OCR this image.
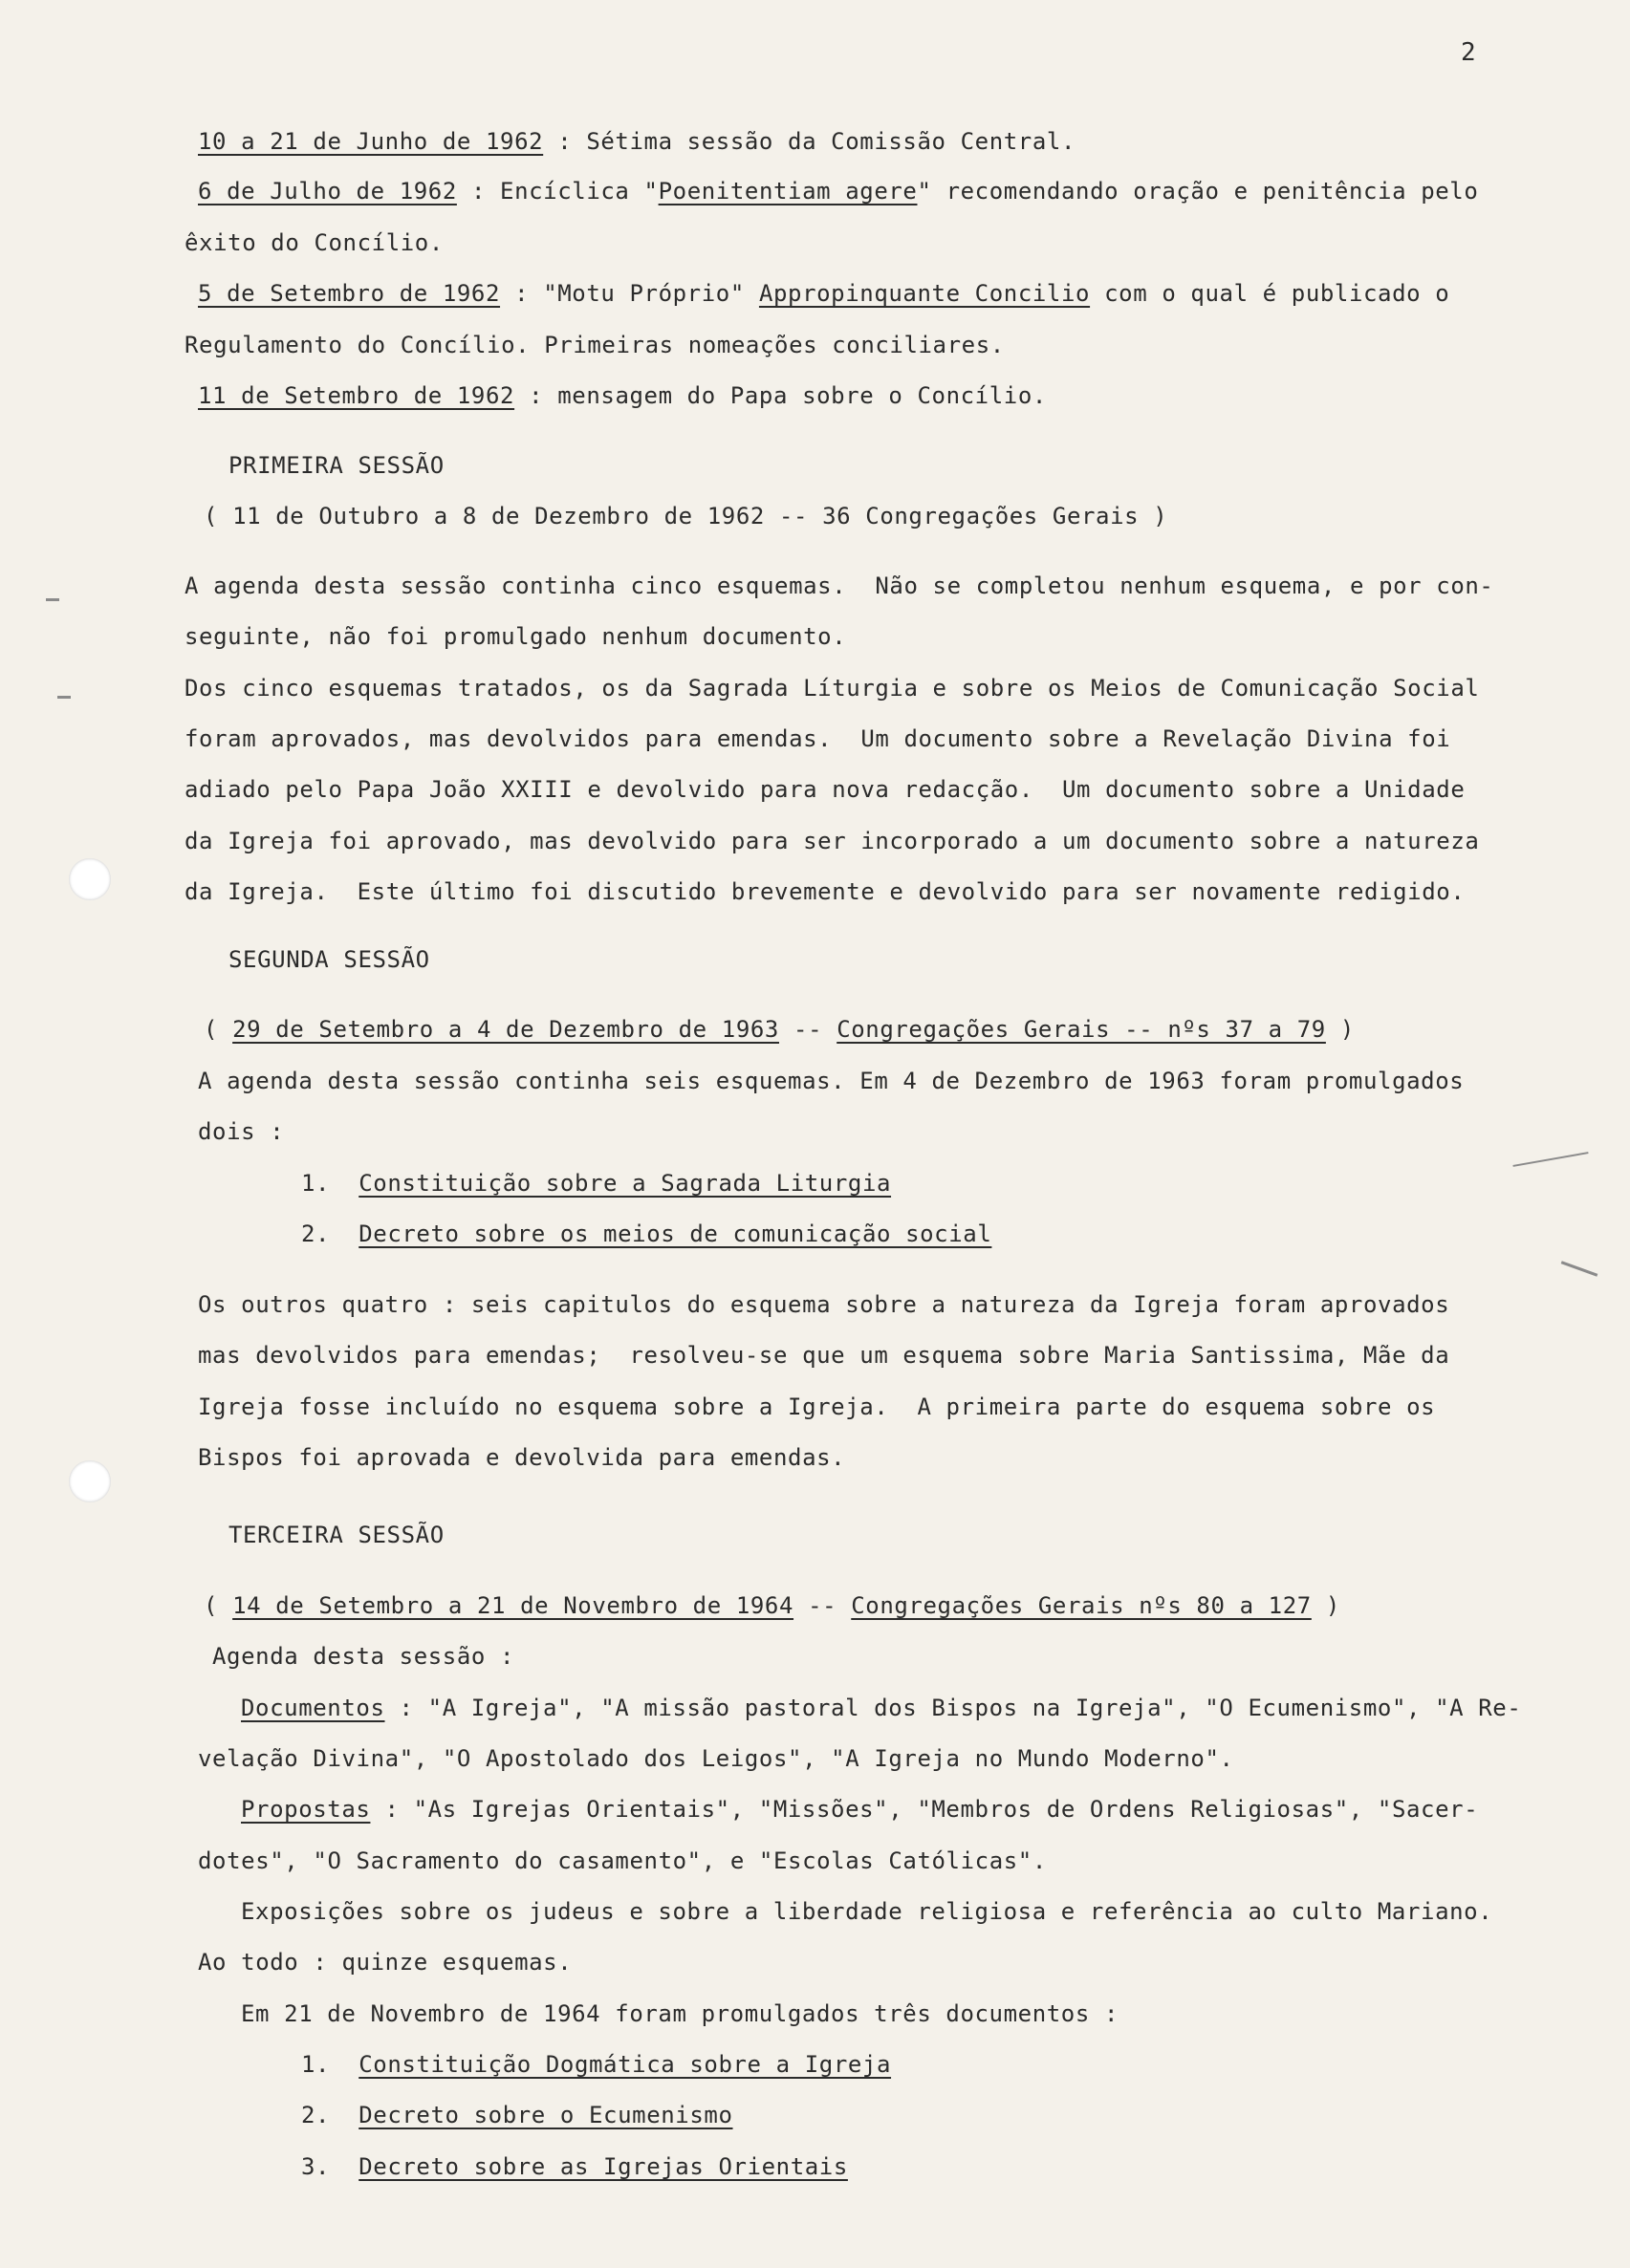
2
10 a 21 de Junho de 1962 : Sétima sessão da Comissão Central.
6 de Julho de 1962 : Encíclica "Poenitentiam agere" recomendando oração e penitência pelo
êxito do Concílio.
5 de Setembro de 1962 : "Motu Próprio" Appropinquante Concilio com o qual é publicado o
Regulamento do Concílio. Primeiras nomeações conciliares.
11 de Setembro de 1962 : mensagem do Papa sobre o Concílio.
PRIMEIRA SESSÃO
( 11 de Outubro a 8 de Dezembro de 1962 -- 36 Congregações Gerais )
A agenda desta sessão continha cinco esquemas.  Não se completou nenhum esquema, e por con-
seguinte, não foi promulgado nenhum documento.
Dos cinco esquemas tratados, os da Sagrada Líturgia e sobre os Meios de Comunicação Social
foram aprovados, mas devolvidos para emendas.  Um documento sobre a Revelação Divina foi
adiado pelo Papa João XXIII e devolvido para nova redacção.  Um documento sobre a Unidade
da Igreja foi aprovado, mas devolvido para ser incorporado a um documento sobre a natureza
da Igreja.  Este último foi discutido brevemente e devolvido para ser novamente redigido.
SEGUNDA SESSÃO
( 29 de Setembro a 4 de Dezembro de 1963 -- Congregações Gerais -- nºs 37 a 79 )
A agenda desta sessão continha seis esquemas. Em 4 de Dezembro de 1963 foram promulgados
dois :
1. Constituição sobre a Sagrada Liturgia
2. Decreto sobre os meios de comunicação social
Os outros quatro : seis capitulos do esquema sobre a natureza da Igreja foram aprovados
mas devolvidos para emendas;  resolveu-se que um esquema sobre Maria Santissima, Mãe da
Igreja fosse incluído no esquema sobre a Igreja.  A primeira parte do esquema sobre os
Bispos foi aprovada e devolvida para emendas.
TERCEIRA SESSÃO
( 14 de Setembro a 21 de Novembro de 1964 -- Congregações Gerais nºs 80 a 127 )
Agenda desta sessão :
Documentos : "A Igreja", "A missão pastoral dos Bispos na Igreja", "O Ecumenismo", "A Re-
velação Divina", "O Apostolado dos Leigos", "A Igreja no Mundo Moderno".
Propostas : "As Igrejas Orientais", "Missões", "Membros de Ordens Religiosas", "Sacer-
dotes", "O Sacramento do casamento", e "Escolas Católicas".
Exposições sobre os judeus e sobre a liberdade religiosa e referência ao culto Mariano.
Ao todo : quinze esquemas.
Em 21 de Novembro de 1964 foram promulgados três documentos :
1. Constituição Dogmática sobre a Igreja
2. Decreto sobre o Ecumenismo
3. Decreto sobre as Igrejas Orientais
